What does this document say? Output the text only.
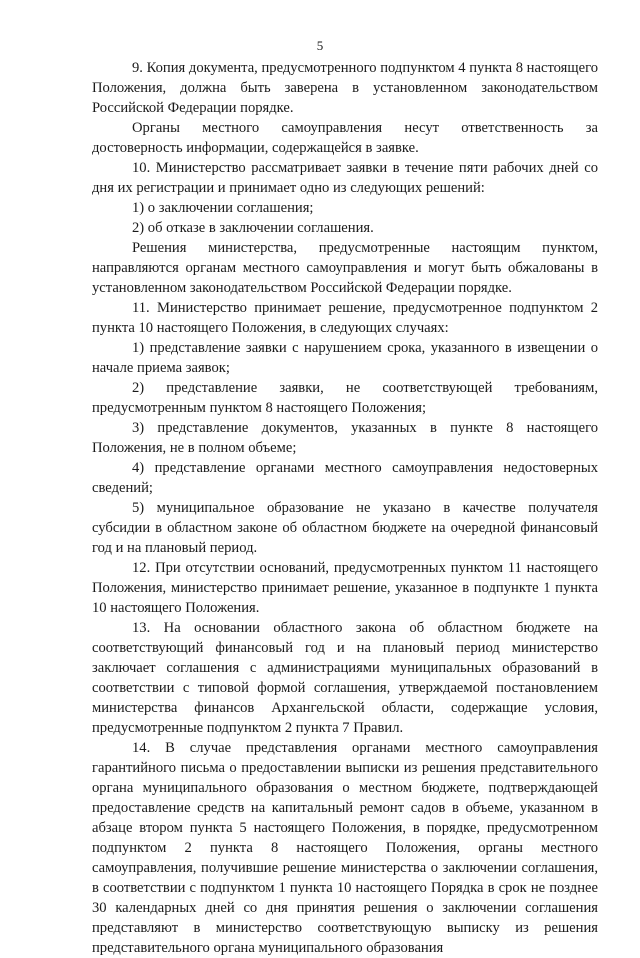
5

9. Копия документа, предусмотренного подпунктом 4 пункта 8 настоящего Положения, должна быть заверена в установленном законодательством Российской Федерации порядке.

Органы местного самоуправления несут ответственность за достоверность информации, содержащейся в заявке.

10. Министерство рассматривает заявки в течение пяти рабочих дней со дня их регистрации и принимает одно из следующих решений:

1) о заключении соглашения;

2) об отказе в заключении соглашения.

Решения министерства, предусмотренные настоящим пунктом, направляются органам местного самоуправления и могут быть обжалованы в установленном законодательством Российской Федерации порядке.

11. Министерство принимает решение, предусмотренное подпунктом 2 пункта 10 настоящего Положения, в следующих случаях:

1) представление заявки с нарушением срока, указанного в извещении о начале приема заявок;

2) представление заявки, не соответствующей требованиям, предусмотренным пунктом 8 настоящего Положения;

3) представление документов, указанных в пункте 8 настоящего Положения, не в полном объеме;

4) представление органами местного самоуправления недостоверных сведений;

5) муниципальное образование не указано в качестве получателя субсидии в областном законе об областном бюджете на очередной финансовый год и на плановый период.

12. При отсутствии оснований, предусмотренных пунктом 11 настоящего Положения, министерство принимает решение, указанное в подпункте 1 пункта 10 настоящего Положения.

13. На основании областного закона об областном бюджете на соответствующий финансовый год и на плановый период министерство заключает соглашения с администрациями муниципальных образований в соответствии с типовой формой соглашения, утверждаемой постановлением министерства финансов Архангельской области, содержащие условия, предусмотренные подпунктом 2 пункта 7 Правил.

14. В случае представления органами местного самоуправления гарантийного письма о предоставлении выписки из решения представительного органа муниципального образования о местном бюджете, подтверждающей предоставление средств на капитальный ремонт садов в объеме, указанном в абзаце втором пункта 5 настоящего Положения, в порядке, предусмотренном подпунктом 2 пункта 8 настоящего Положения, органы местного самоуправления, получившие решение министерства о заключении соглашения, в соответствии с подпунктом 1 пункта 10 настоящего Порядка в срок не позднее 30 календарных дней со дня принятия решения о заключении соглашения представляют в министерство соответствующую выписку из решения представительного органа муниципального образования
